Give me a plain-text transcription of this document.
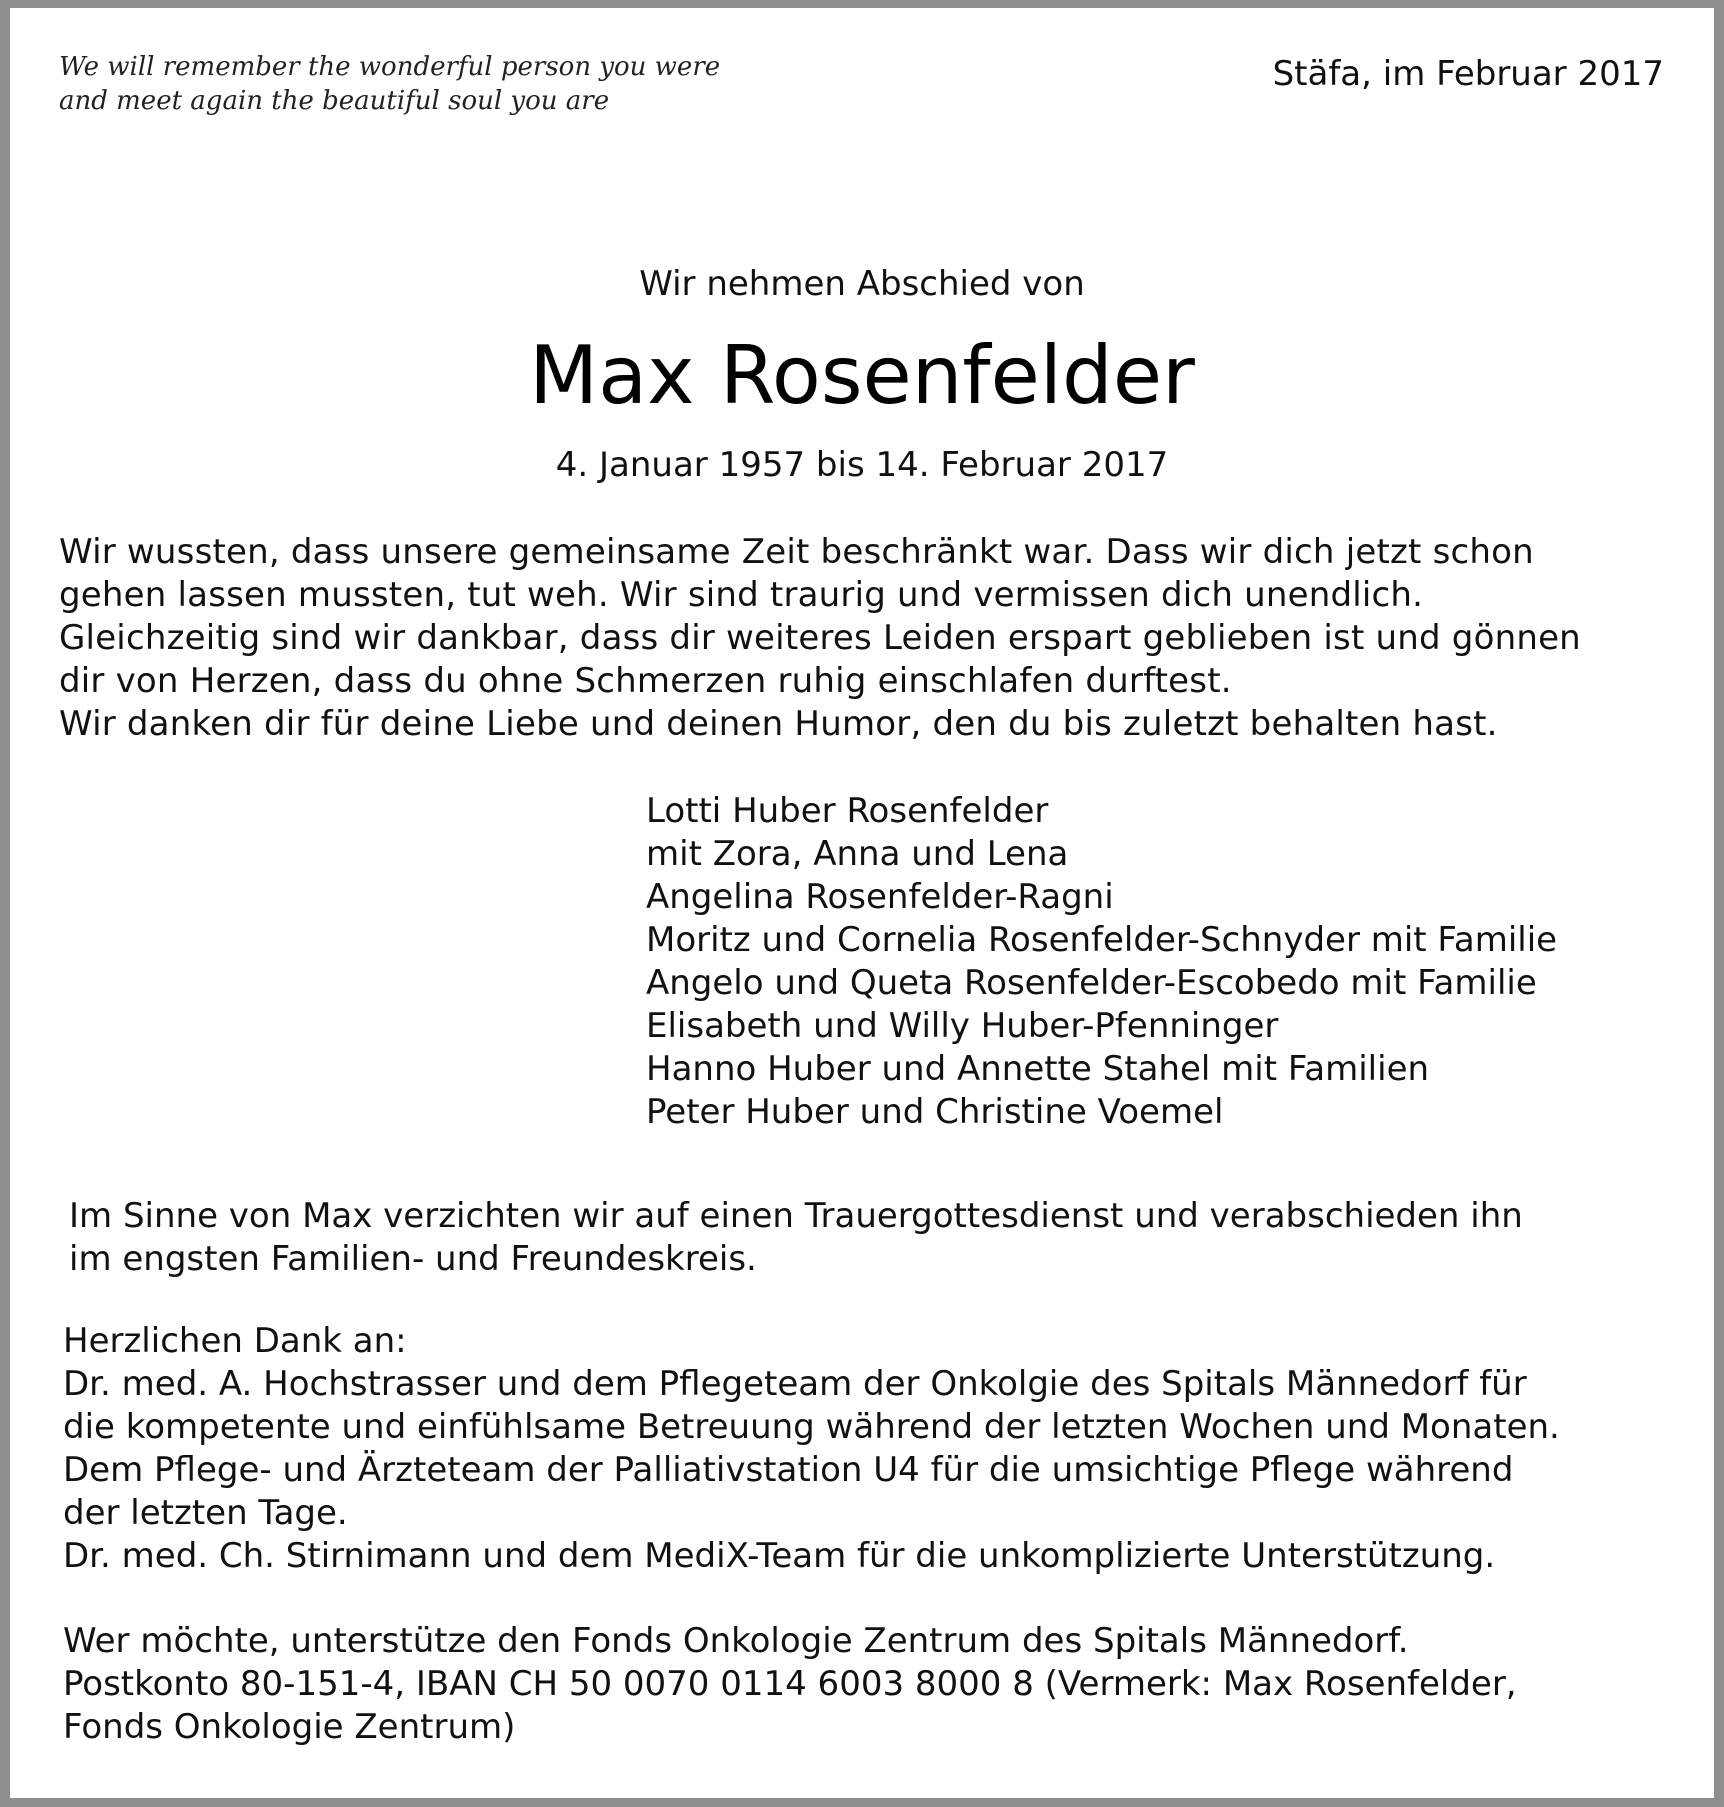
We will remember the wonderful person you were
and meet again the beautiful soul you are
Stäfa, im Februar 2017
Wir nehmen Abschied von
Max Rosenfelder
4. Januar 1957 bis 14. Februar 2017
Wir wussten, dass unsere gemeinsame Zeit beschränkt war. Dass wir dich jetzt schon
gehen lassen mussten, tut weh. Wir sind traurig und vermissen dich unendlich.
Gleichzeitig sind wir dankbar, dass dir weiteres Leiden erspart geblieben ist und gönnen
dir von Herzen, dass du ohne Schmerzen ruhig einschlafen durftest.
Wir danken dir für deine Liebe und deinen Humor, den du bis zuletzt behalten hast.
Lotti Huber Rosenfelder
mit Zora, Anna und Lena
Angelina Rosenfelder-Ragni
Moritz und Cornelia Rosenfelder-Schnyder mit Familie
Angelo und Queta Rosenfelder-Escobedo mit Familie
Elisabeth und Willy Huber-Pfenninger
Hanno Huber und Annette Stahel mit Familien
Peter Huber und Christine Voemel
Im Sinne von Max verzichten wir auf einen Trauergottesdienst und verabschieden ihn
im engsten Familien- und Freundeskreis.
Herzlichen Dank an:
Dr. med. A. Hochstrasser und dem Pflegeteam der Onkolgie des Spitals Männedorf für
die kompetente und einfühlsame Betreuung während der letzten Wochen und Monaten.
Dem Pflege- und Ärzteteam der Palliativstation U4 für die umsichtige Pflege während
der letzten Tage.
Dr. med. Ch. Stirnimann und dem MediX-Team für die unkomplizierte Unterstützung.
Wer möchte, unterstütze den Fonds Onkologie Zentrum des Spitals Männedorf.
Postkonto 80-151-4, IBAN CH 50 0070 0114 6003 8000 8 (Vermerk: Max Rosenfelder,
Fonds Onkologie Zentrum)
